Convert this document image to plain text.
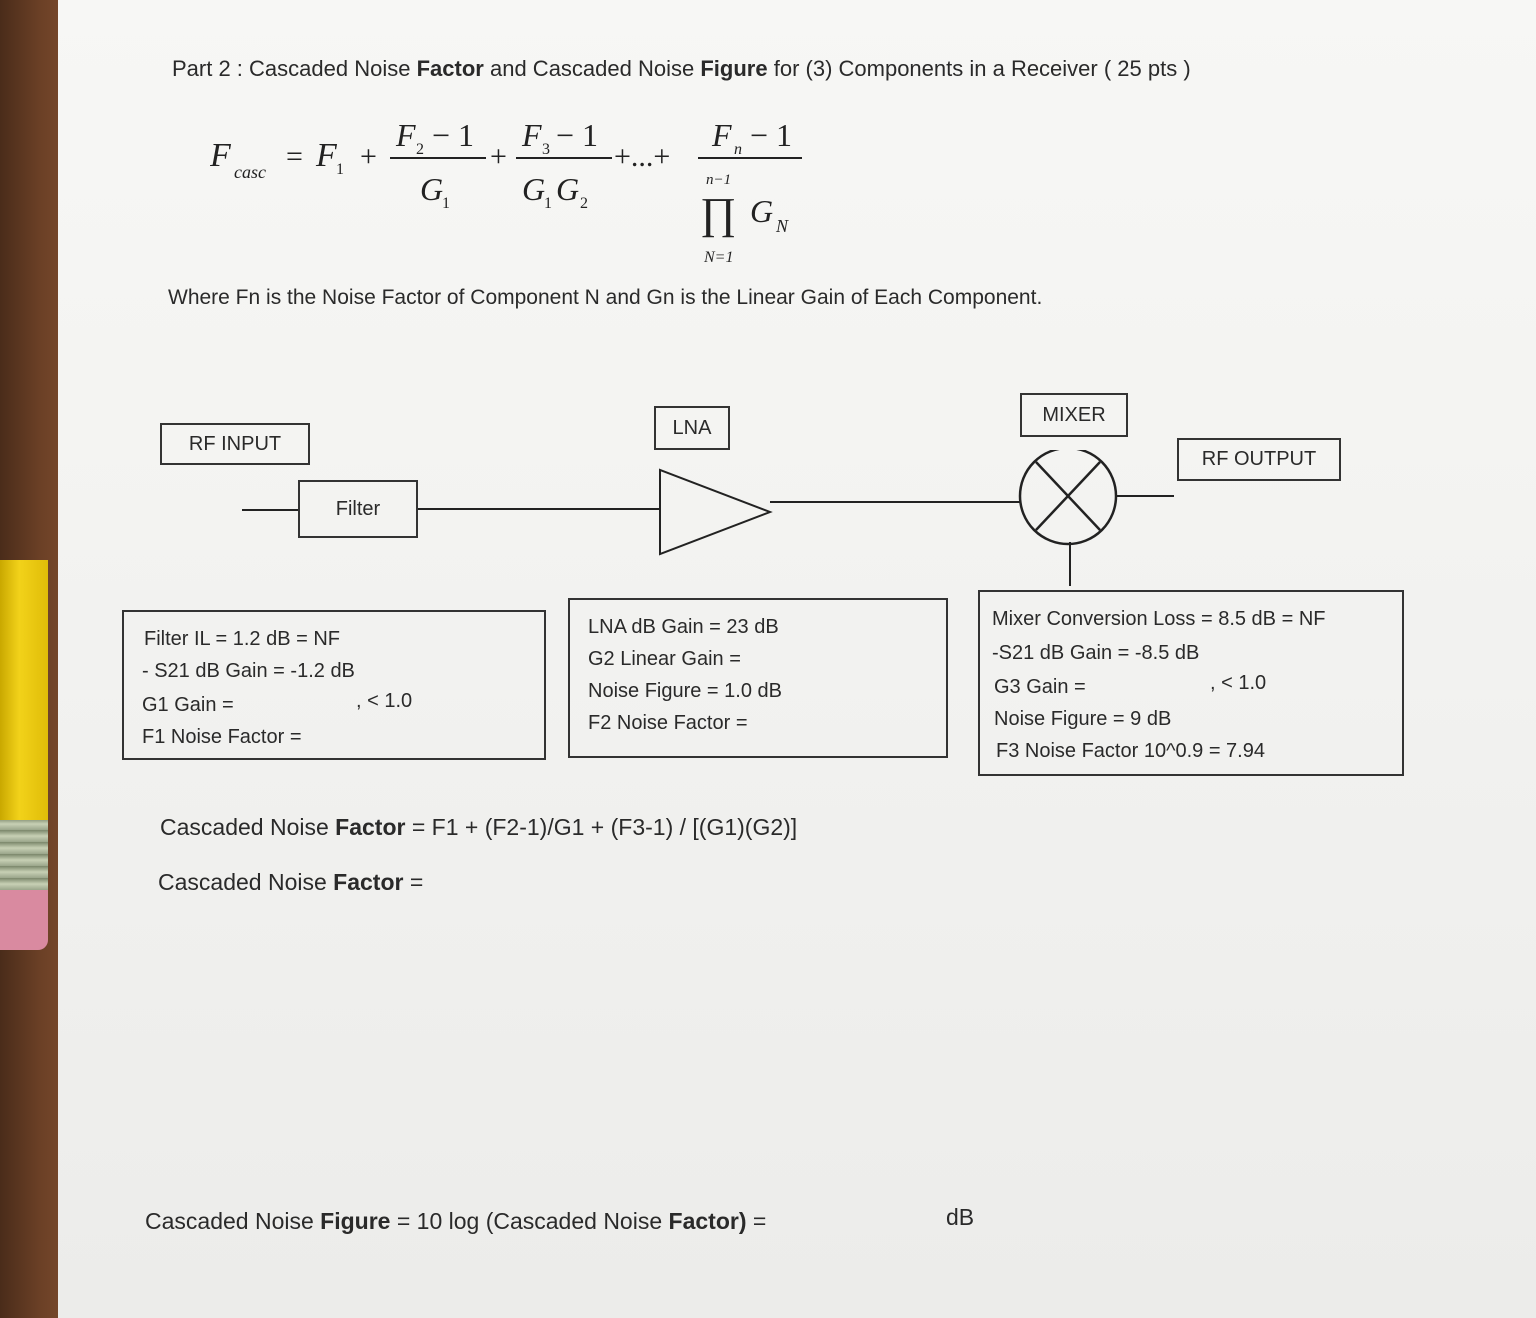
Part 2 : Cascaded Noise Factor and Cascaded Noise Figure for (3) Components in a Receiver ( 25 pts )
F casc = F 1 +
F 2 − 1
G
1
+
F 3 − 1
G
1 G 2
+...+
F n − 1
n−1
∏ G N
N=1
Where Fn is the Noise Factor of Component N and Gn is the Linear Gain of Each Component.
RF INPUT
Filter
LNA
MIXER
RF OUTPUT
Filter IL = 1.2 dB = NF
- S21 dB Gain = -1.2 dB
G1 Gain =	, < 1.0
F1 Noise Factor =
LNA dB Gain = 23 dB
G2 Linear Gain =
Noise Figure = 1.0 dB
F2 Noise Factor =
Mixer Conversion Loss = 8.5 dB = NF
-S21 dB Gain = -8.5 dB
G3 Gain =	, < 1.0
Noise Figure = 9 dB
F3 Noise Factor 10^0.9 = 7.94
Cascaded Noise Factor = F1 + (F2-1)/G1 + (F3-1) / [(G1)(G2)]
Cascaded Noise Factor =
Cascaded Noise Figure = 10 log (Cascaded Noise Factor) =	dB
